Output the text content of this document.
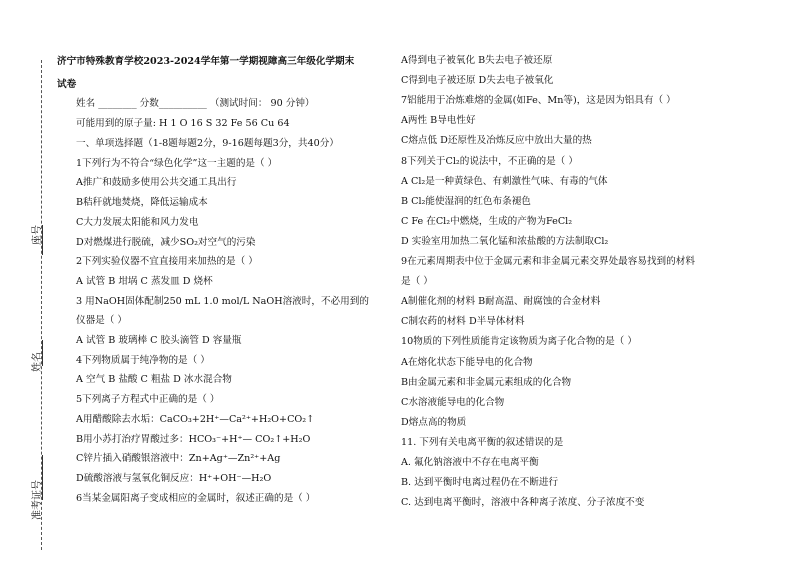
座号
姓名
准考证号
济宁市特殊教育学校2023-2024学年第一学期视障高三年级化学期末
试卷
姓名 ________ 分数__________ （测试时间： 90 分钟）
可能用到的原子量: H 1 O 16 S 32 Fe 56 Cu 64
一、单项选择题（1-8题每题2分，9-16题每题3分，共40分）
1下列行为不符合“绿色化学”这一主题的是（ ）
A推广和鼓励多使用公共交通工具出行
B秸秆就地焚烧，降低运输成本
C大力发展太阳能和风力发电
D对燃煤进行脱硫，减少SO₂对空气的污染
2下列实验仪器不宜直接用来加热的是（ ）
A 试管 B 坩埚 C 蒸发皿 D 烧杯
3 用NaOH固体配制250 mL 1.0 mol/L NaOH溶液时，不必用到的
仪器是（ ）
A 试管 B 玻璃棒 C 胶头滴管 D 容量瓶
4下列物质属于纯净物的是（ ）
A 空气 B 盐酸 C 粗盐 D 冰水混合物
5下列离子方程式中正确的是（ ）
A用醋酸除去水垢：CaCO₃+2H⁺—Ca²⁺+H₂O+CO₂↑
B用小苏打治疗胃酸过多：HCO₃⁻+H⁺— CO₂↑+H₂O
C锌片插入硝酸银溶液中：Zn+Ag⁺—Zn²⁺+Ag
D硫酸溶液与氢氧化铜反应：H⁺+OH⁻—H₂O
6当某金属阳离子变成相应的金属时，叙述正确的是（ ）
A得到电子被氧化 B失去电子被还原
C得到电子被还原 D失去电子被氧化
7铝能用于冶炼难熔的金属(如Fe、Mn等)，这是因为铝具有（ ）
A两性 B导电性好
C熔点低 D还原性及冶炼反应中放出大量的热
8下列关于Cl₂的说法中，不正确的是（ ）
A Cl₂是一种黄绿色、有刺激性气味、有毒的气体
B Cl₂能使湿润的红色布条褪色
C Fe 在Cl₂中燃烧，生成的产物为FeCl₂
D 实验室用加热二氧化锰和浓盐酸的方法制取Cl₂
9在元素周期表中位于金属元素和非金属元素交界处最容易找到的材料
是（ ）
A制催化剂的材料 B耐高温、耐腐蚀的合金材料
C制农药的材料 D半导体材料
10物质的下列性质能肯定该物质为离子化合物的是（ ）
A在熔化状态下能导电的化合物
B由金属元素和非金属元素组成的化合物
C水溶液能导电的化合物
D熔点高的物质
11. 下列有关电离平衡的叙述错误的是
A. 氟化钠溶液中不存在电离平衡
B. 达到平衡时电离过程仍在不断进行
C. 达到电离平衡时，溶液中各种离子浓度、分子浓度不变
